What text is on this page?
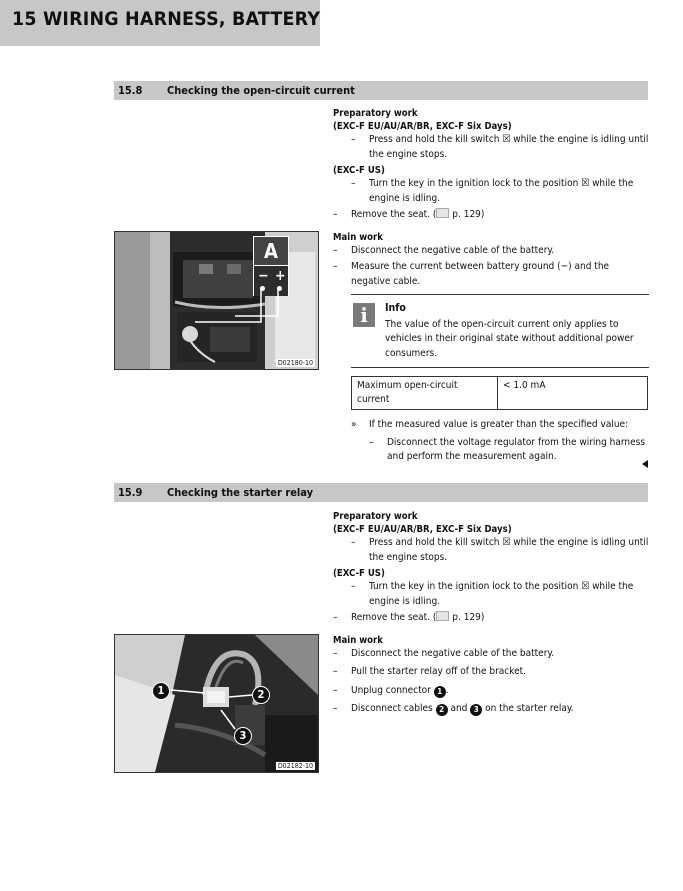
15 WIRING HARNESS, BATTERY
15.8 Checking the open-circuit current
A
− +
D02180-10
Preparatory work
(EXC-F EU/AU/AR/BR, EXC-F Six Days)
– Press and hold the kill switch ☒ while the engine is idling until the engine stops.
(EXC-F US)
– Turn the key in the ignition lock to the position ☒ while the engine is idling.
– Remove the seat. ( p. 129)
Main work
– Disconnect the negative cable of the battery.
– Measure the current between battery ground (−) and the negative cable.
i	Info
The value of the open-circuit current only applies to vehicles in their original state without additional power consumers.
Maximum open-circuit current	< 1.0 mA
» If the measured value is greater than the specified value:
– Disconnect the voltage regulator from the wiring harness and perform the measurement again.
15.9 Checking the starter relay
1	2
3
D02182-10
Preparatory work
(EXC-F EU/AU/AR/BR, EXC-F Six Days)
– Press and hold the kill switch ☒ while the engine is idling until the engine stops.
(EXC-F US)
– Turn the key in the ignition lock to the position ☒ while the engine is idling.
– Remove the seat. ( p. 129)
Main work
– Disconnect the negative cable of the battery.
– Pull the starter relay off of the bracket.
– Unplug connector 1 .
– Disconnect cables 2 and 3 on the starter relay.
